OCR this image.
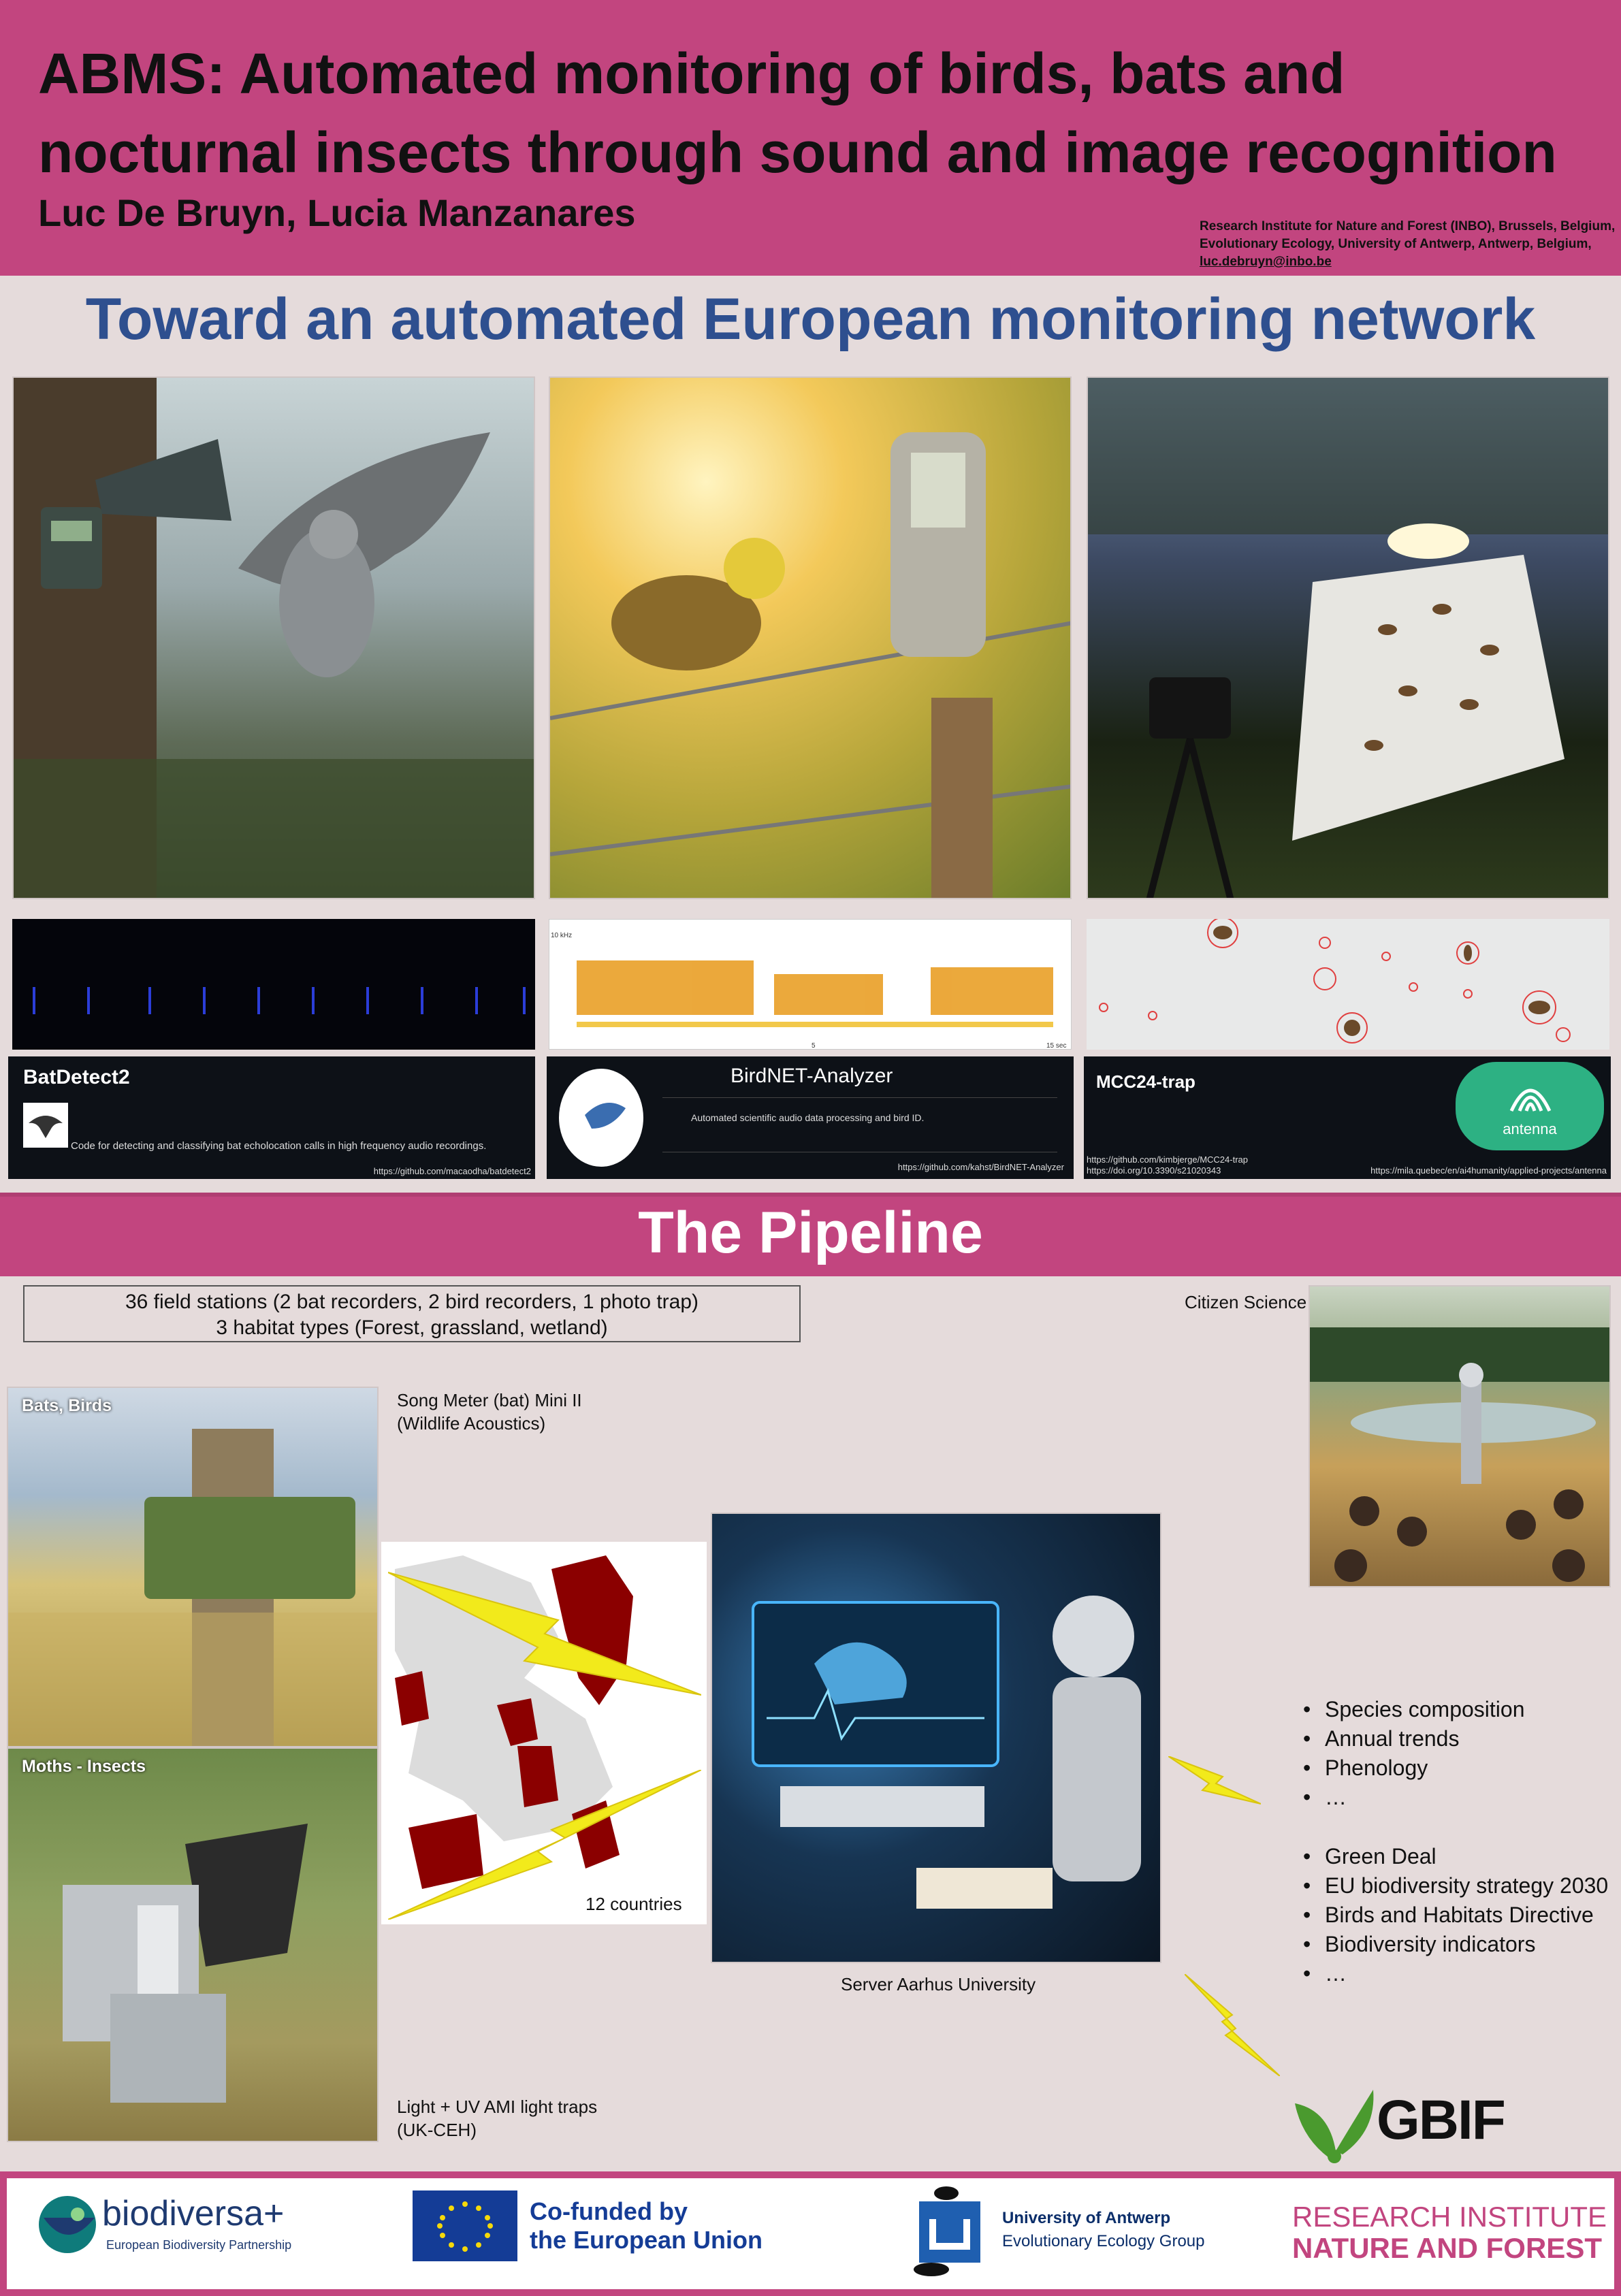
ABMS: Automated monitoring of birds, bats and nocturnal insects through sound and image recognition
Luc De Bruyn, Lucia Manzanares	Research Institute for Nature and Forest (INBO), Brussels, Belgium,
Evolutionary Ecology, University of Antwerp, Antwerp, Belgium,
luc.debruyn@inbo.be
Toward an automated European monitoring network
10 kHz
5	15 sec
BatDetect2
Code for detecting and classifying bat echolocation calls in high frequency audio recordings.
https://github.com/macaodha/batdetect2
BirdNET-Analyzer
Automated scientific audio data processing and bird ID.
https://github.com/kahst/BirdNET-Analyzer
MCC24-trap
antenna
https://github.com/kimbjerge/MCC24-trap
https://doi.org/10.3390/s21020343	https://mila.quebec/en/ai4humanity/applied-projects/antenna
The Pipeline
36 field stations (2 bat recorders, 2 bird recorders, 1 photo trap)
3 habitat types (Forest, grassland, wetland)
Citizen Science
Bats, Birds
Moths - Insects
Song Meter (bat) Mini II
(Wildlife Acoustics)
Light + UV AMI light traps
(UK-CEH)
12 countries
Server Aarhus University
• Species composition
• Annual trends
• Phenology
• …
• Green Deal
• EU biodiversity strategy 2030
• Birds and Habitats Directive
• Biodiversity indicators
• …
GBIF
biodiversa+
European Biodiversity Partnership
Co-funded by
the European Union
University of Antwerp
Evolutionary Ecology Group
RESEARCH INSTITUTE
NATURE AND FOREST
